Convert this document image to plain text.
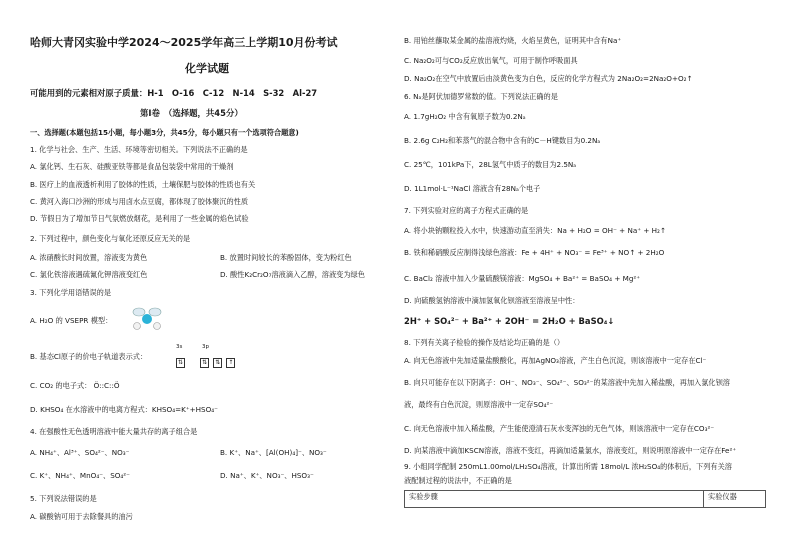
哈师大青冈实验中学2024～2025学年高三上学期10月份考试
化学试题
可能用到的元素相对原子质量：H-1　O-16　C-12　N-14　S-32　Al-27
第Ⅰ卷　（选择题，共45分）
一、选择题(本题包括15小题，每小题3分，共45分，每小题只有一个选项符合题意)
1. 化学与社会、生产、生活、环境等密切相关。下列说法不正确的是
A. 氯化钙、生石灰、硅酸亚铁等都是食品包装袋中常用的干燥剂
B. 医疗上的血液透析利用了胶体的性质，土壤保肥与胶体的性质也有关
C. 黄河入海口沙洲的形成与用卤水点豆腐，都体现了胶体聚沉的性质
D. 节假日为了增加节日气氛燃放烟花，是利用了一些金属的焰色试验
2. 下列过程中，颜色变化与氧化还原反应无关的是
A. 浓硝酸长时间放置，溶液变为黄色	B. 放置时间较长的苯酚固体，变为粉红色
C. 氯化铁溶液遇硫氰化钾溶液变红色	D. 酸性K₂Cr₂O₇溶液滴入乙醇，溶液变为绿色
3. 下列化学用语错误的是
A. H₂O 的 VSEPR 模型：
B. 基态Cl原子的价电子轨道表示式：
3s	3p
⇅	⇅ ⇅ ↑
C. CO₂ 的电子式： Ö::C::Ö
D. KHSO₄ 在水溶液中的电离方程式：KHSO₄=K⁺+HSO₄⁻
4. 在强酸性无色透明溶液中能大量共存的离子组合是
A. NH₄⁺、Al³⁺、SO₄²⁻、NO₃⁻	B. K⁺、Na⁺、[Al(OH)₄]⁻、NO₃⁻
C. K⁺、NH₄⁺、MnO₄⁻、SO₄²⁻	D. Na⁺、K⁺、NO₃⁻、HSO₃⁻
5. 下列说法错误的是
A. 碳酸钠可用于去除餐具的油污
B. 用铂丝蘸取某金属的盐溶液灼烧，火焰呈黄色，证明其中含有Na⁺
C. Na₂O₂可与CO₂反应放出氧气，可用于制作呼吸面具
D. Na₂O₂在空气中放置后由淡黄色变为白色，反应的化学方程式为 2Na₂O₂=2Na₂O+O₂↑
6. Nₐ是阿伏加德罗常数的值。下列说法正确的是
A. 1.7gH₂O₂ 中含有氧原子数为0.2Nₐ
B. 2.6g C₂H₂和苯蒸气的混合物中含有的C－H键数目为0.2Nₐ
C. 25℃，101kPa下，28L氢气中质子的数目为2.5Nₐ
D. 1L1mol·L⁻¹NaCl 溶液含有28Nₐ个电子
7. 下列实验对应的离子方程式正确的是
A. 将小块钠颗粒投入水中，快速游动直至消失：Na + H₂O = OH⁻ + Na⁺ + H₂↑
B. 铁和稀硝酸反应制得浅绿色溶液：Fe + 4H⁺ + NO₃⁻ = Fe³⁺ + NO↑ + 2H₂O
C. BaCl₂ 溶液中加入少量硫酸镁溶液：MgSO₄ + Ba²⁺ = BaSO₄ + Mg²⁺
D. 向硫酸氢钠溶液中滴加氢氧化钡溶液至溶液呈中性：
2H⁺ + SO₄²⁻ + Ba²⁺ + 2OH⁻ = 2H₂O + BaSO₄↓
8. 下列有关离子检验的操作及结论均正确的是（）
A. 向无色溶液中先加适量盐酸酸化，再加AgNO₃溶液，产生白色沉淀，则该溶液中一定存在Cl⁻
B. 向只可能存在以下阴离子：OH⁻、NO₃⁻、SO₄²⁻、SO₃²⁻的某溶液中先加入稀盐酸，再加入氯化钡溶
液，最终有白色沉淀，则原溶液中一定存SO₄²⁻
C. 向无色溶液中加入稀盐酸，产生能使澄清石灰水变浑浊的无色气体，则该溶液中一定存在CO₃²⁻
D. 向某溶液中滴加KSCN溶液，溶液不变红，再滴加适量氯水，溶液变红，则说明原溶液中一定存在Fe²⁺
9. 小组同学配制 250mL1.00mol/LH₂SO₄溶液，计算出所需 18mol/L 浓H₂SO₄的体积后，下列有关溶
液配制过程的说法中，不正确的是
实验步骤	实验仪器
